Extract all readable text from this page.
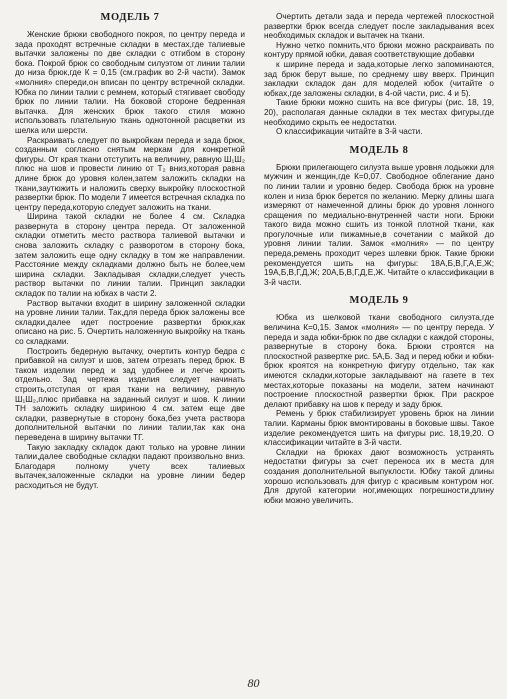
МОДЕЛЬ 7

Женские брюки свободного покроя, по центру переда и зада проходят встречные складки в местах,где талиевые вытачки заложены по две складки с отгибом в сторону бока. Покрой брюк со свободным силуэтом от линии талии до низа брюк,где К = 0,15 (см.график во 2-й части). Замок «молния» спереди,он вписан по центру встречной складки. Юбка по линии талии с ремнем, который стягивает свободу брюк по линии талии. На боковой стороне бедренная вытачка. Для женских брюк такого стиля можно использовать плательную ткань однотонной расцветки из шелка или шерсти.

Раскраивать следует по выкройкам переда и зада брюк, созданным согласно снятым меркам для конкретной фигуры. От края ткани отступить на величину, равную Ш₁Ш₂ плюс на шов и провести линию от Т₂ вниз,которая равна длине брюк до уровня колен,затем заложить складки на ткани,заутюжить и наложить сверху выкройку плоскостной развертки брюк. По модели 7 имеется встречная складка по центру переда,которую следует заложить на ткани.

Ширина такой складки не более 4 см. Складка развернута в сторону центра переда. От заложенной складки отметить место раствора талиевой вытачки и снова заложить складку с разворотом в сторону бока, затем заложить еще одну складку в том же направлении. Расстояние между складками должно быть не более,чем ширина складки. Закладывая складки,следует учесть раствор вытачки по линии талии. Принцип закладки складок по талии на юбках в части 2.

Раствор вытачки входит в ширину заложенной складки на уровне линии талии. Так,для переда брюк заложены все складки,далее идет построение развертки брюк,как описано на рис. 5. Очертить наложенную выкройку на ткань со складками.

Построить бедерную вытачку, очертить контур бедра с прибавкой на силуэт и шов, затем отрезать перед брюк. В таком изделии перед и зад удобнее и легче кроить отдельно. Зад чертежа изделия следует начинать строить,отступая от края ткани на величину, равную Ш₁Ш₂,плюс прибавка на заданный силуэт и шов. К линии ТН заложить складку шириною 4 см. затем еще две складки, развернутые в сторону бока,без учета раствора дополнительной вытачки по линии талии,так как она переведена в ширину вытачки ТГ.

Такую закладку складок дают только на уровне линии талии,далее свободные складки падают произвольно вниз. Благодаря полному учету всех талиевых вытачек,заложенные складки на уровне линии бедер расходиться не будут.

Очертить детали зада и переда чертежей плоскостной развертки брюк всегда следует после закладывания всех необходимых складок и вытачек на ткани.

Нужно четко помнить,что брюки можно раскраивать по контуру прямой юбки, давая соответствующие добавки

к ширине переда и зада,которые легко запоминаются, зад брюк берут выше, по среднему шву вверх. Принцип закладки складок дан для моделей юбок (читайте о юбках,где заложены складки, в 4-ой части, рис. 4 и 5).

Такие брюки можно сшить на все фигуры (рис. 18, 19, 20), располагая данные складки в тех местах фигуры,где необходимо скрыть ее недостатки.

О классификации читайте в 3-й части.

МОДЕЛЬ 8

Брюки прилегающего силуэта выше уровня лодыжки для мужчин и женщин,где К=0,07. Свободное облегание дано по линии талии и уровню бедер. Свобода брюк на уровне колен и низа брюк берется по желанию. Мерку длины шага измеряют от намеченной длины брюк до уровня лонного сращения по медиально-внутренней части ноги. Брюки такого вида можно сшить из тонкой плотной ткани, как прогулочные или пижамные,в сочетании с майкой до уровня линии талии. Замок «молния» — по центру переда,ремень проходит через шлевки брюк. Такие брюки рекомендуется шить на фигуры: 18А,Б,В,Г,А,Е,Ж; 19А,Б,В,Г,Д,Ж; 20А,Б,В,Г,Д,Е,Ж. Читайте о классификации в 3-й части.

МОДЕЛЬ 9

Юбка из шелковой ткани свободного силуэта,где величина К=0,15. Замок «молния» — по центру переда. У переда и зада юбки-брюк по две складки с каждой стороны, развернутые в сторону бока. Брюки строятся на плоскостной развертке рис. 5А,Б. Зад и перед юбки и юбки-брюк кроятся на конкретную фигуру отдельно, так как имеются складки,которые закладывают на газете в тех местах,которые показаны на модели, затем начинают построение плоскостной развертки брюк. При раскрое делают прибавку на шов к переду и заду брюк.

Ремень у брюк стабилизирует уровень брюк на линии талии. Карманы брюк вмонтированы в боковые швы. Такое изделие рекомендуется шить на фигуры рис. 18,19,20. О классификации читайте в 3-й части.

Складки на брюках дают возможность устранять недостатки фигуры за счет переноса их в места для создания дополнительной выпуклости. Юбку такой длины хорошо использовать для фигур с красивым контуром ног. Для другой категории ног,имеющих погрешности,длину юбки можно увеличить.

80
